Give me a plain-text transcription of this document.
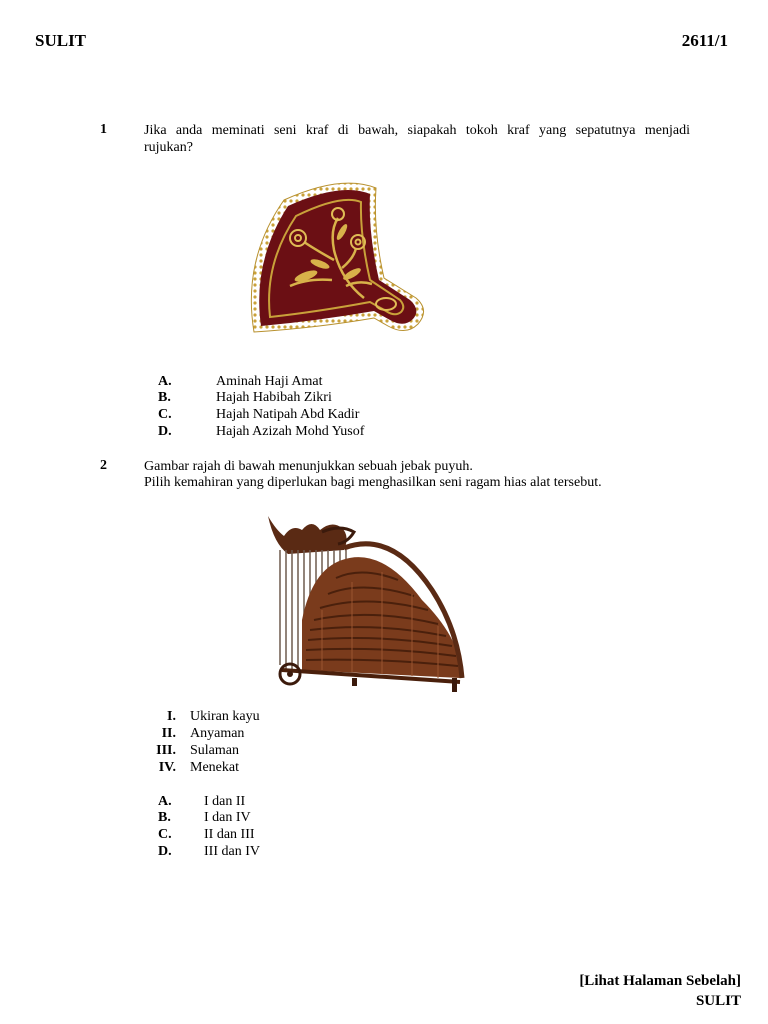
SULIT	2611/1
1	Jika anda meminati seni kraf di bawah, siapakah tokoh kraf yang sepatutnya menjadi
rujukan?
A.	Aminah Haji Amat
B.	Hajah Habibah Zikri
C.	Hajah Natipah Abd Kadir
D.	Hajah Azizah Mohd Yusof
2	Gambar rajah di bawah menunjukkan sebuah jebak puyuh.
Pilih kemahiran yang diperlukan bagi menghasilkan seni ragam hias alat tersebut.
I. Ukiran kayu
II. Anyaman
III. Sulaman
IV. Menekat
A. I dan II
B. I dan IV
C. II dan III
D. III dan IV
[Lihat Halaman Sebelah]
SULIT
